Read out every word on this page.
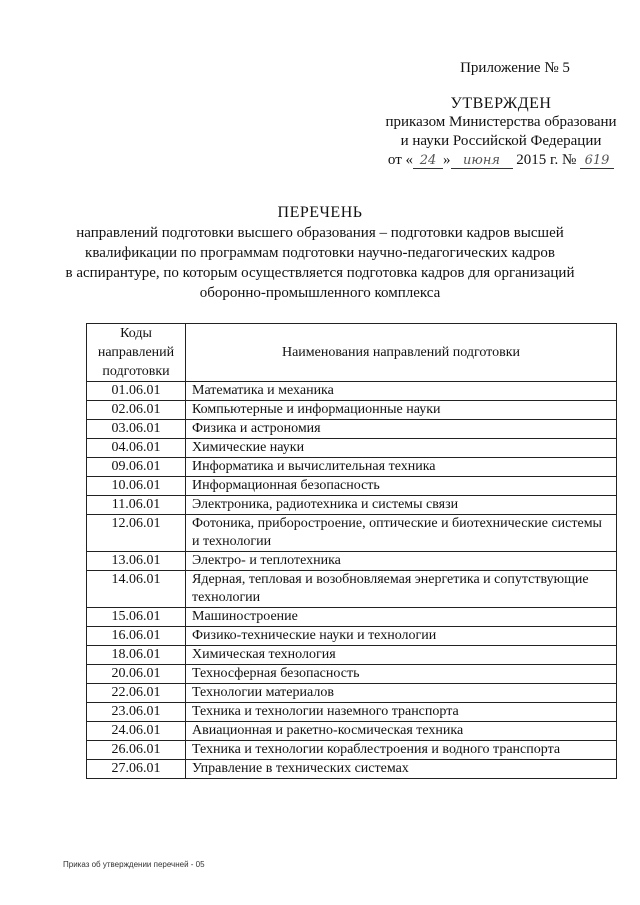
Приложение № 5
УТВЕРЖДЕН
приказом Министерства образовани
и науки Российской Федерации
от « 24 » июня 2015 г. № 619
ПЕРЕЧЕНЬ
направлений подготовки высшего образования – подготовки кадров высшей
квалификации по программам подготовки научно-педагогических кадров
в аспирантуре, по которым осуществляется подготовка кадров для организаций
оборонно-промышленного комплекса
Коды направлений подготовки	Наименования направлений подготовки
01.06.01	Математика и механика
02.06.01	Компьютерные и информационные науки
03.06.01	Физика и астрономия
04.06.01	Химические науки
09.06.01	Информатика и вычислительная техника
10.06.01	Информационная безопасность
11.06.01	Электроника, радиотехника и системы связи
12.06.01	Фотоника, приборостроение, оптические и биотехнические системы и технологии
13.06.01	Электро- и теплотехника
14.06.01	Ядерная, тепловая и возобновляемая энергетика и сопутствующие технологии
15.06.01	Машиностроение
16.06.01	Физико-технические науки и технологии
18.06.01	Химическая технология
20.06.01	Техносферная безопасность
22.06.01	Технологии материалов
23.06.01	Техника и технологии наземного транспорта
24.06.01	Авиационная и ракетно-космическая техника
26.06.01	Техника и технологии кораблестроения и водного транспорта
27.06.01	Управление в технических системах
Приказ об утверждении перечней - 05
